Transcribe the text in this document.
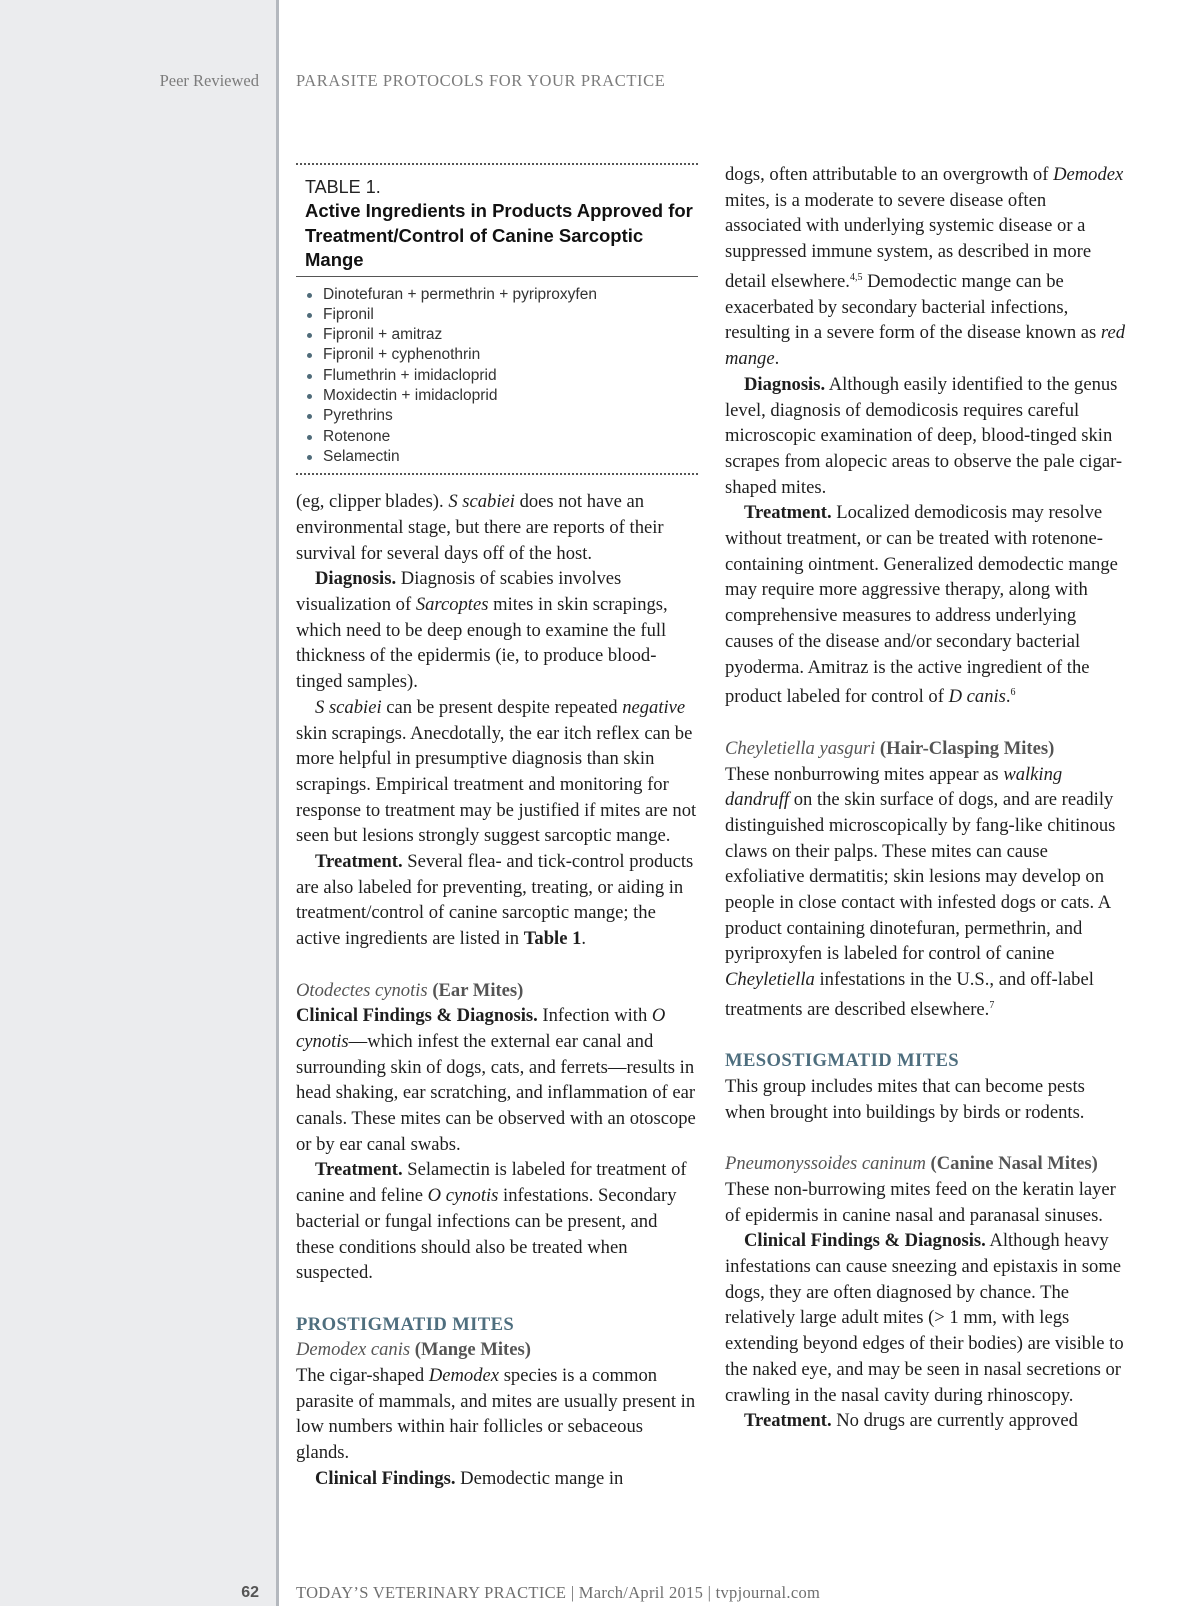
Peer Reviewed PARASITE PROTOCOLS FOR YOUR PRACTICE
TABLE 1.
Active Ingredients in Products Approved for Treatment/Control of Canine Sarcoptic Mange
Dinotefuran + permethrin + pyriproxyfen
Fipronil
Fipronil + amitraz
Fipronil + cyphenothrin
Flumethrin + imidacloprid
Moxidectin + imidacloprid
Pyrethrins
Rotenone
Selamectin

(eg, clipper blades). S scabiei does not have an environmental stage, but there are reports of their survival for several days off of the host.

Diagnosis. Diagnosis of scabies involves visualization of Sarcoptes mites in skin scrapings, which need to be deep enough to examine the full thickness of the epidermis (ie, to produce blood-tinged samples).

S scabiei can be present despite repeated negative skin scrapings. Anecdotally, the ear itch reflex can be more helpful in presumptive diagnosis than skin scrapings. Empirical treatment and monitoring for response to treatment may be justified if mites are not seen but lesions strongly suggest sarcoptic mange.

Treatment. Several flea- and tick-control products are also labeled for preventing, treating, or aiding in treatment/control of canine sarcoptic mange; the active ingredients are listed in Table 1.

Otodectes cynotis (Ear Mites)

Clinical Findings & Diagnosis. Infection with O cynotis—which infest the external ear canal and surrounding skin of dogs, cats, and ferrets—results in head shaking, ear scratching, and inflammation of ear canals. These mites can be observed with an otoscope or by ear canal swabs.

Treatment. Selamectin is labeled for treatment of canine and feline O cynotis infestations. Secondary bacterial or fungal infections can be present, and these conditions should also be treated when suspected.

PROSTIGMATID MITES

Demodex canis (Mange Mites)

The cigar-shaped Demodex species is a common parasite of mammals, and mites are usually present in low numbers within hair follicles or sebaceous glands.

Clinical Findings. Demodectic mange in

dogs, often attributable to an overgrowth of Demodex mites, is a moderate to severe disease often associated with underlying systemic disease or a suppressed immune system, as described in more detail elsewhere.$^{4,5}$ Demodectic mange can be exacerbated by secondary bacterial infections, resulting in a severe form of the disease known as red mange.

Diagnosis. Although easily identified to the genus level, diagnosis of demodicosis requires careful microscopic examination of deep, blood-tinged skin scrapes from alopecic areas to observe the pale cigar-shaped mites.

Treatment. Localized demodicosis may resolve without treatment, or can be treated with rotenone-containing ointment. Generalized demodectic mange may require more aggressive therapy, along with comprehensive measures to address underlying causes of the disease and/or secondary bacterial pyoderma. Amitraz is the active ingredient of the product labeled for control of D canis.$^6$

Cheyletiella yasguri (Hair-Clasping Mites)

These nonburrowing mites appear as walking dandruff on the skin surface of dogs, and are readily distinguished microscopically by fang-like chitinous claws on their palps. These mites can cause exfoliative dermatitis; skin lesions may develop on people in close contact with infested dogs or cats. A product containing dinotefuran, permethrin, and pyriproxyfen is labeled for control of canine Cheyletiella infestations in the U.S., and off-label treatments are described elsewhere.$^7$

MESOSTIGMATID MITES

This group includes mites that can become pests when brought into buildings by birds or rodents.

Pneumonyssoides caninum (Canine Nasal Mites)

These non-burrowing mites feed on the keratin layer of epidermis in canine nasal and paranasal sinuses.

Clinical Findings & Diagnosis. Although heavy infestations can cause sneezing and epistaxis in some dogs, they are often diagnosed by chance. The relatively large adult mites (> 1 mm, with legs extending beyond edges of their bodies) are visible to the naked eye, and may be seen in nasal secretions or crawling in the nasal cavity during rhinoscopy.

Treatment. No drugs are currently approved

62 TODAY’S VETERINARY PRACTICE | March/April 2015 | tvpjournal.com
